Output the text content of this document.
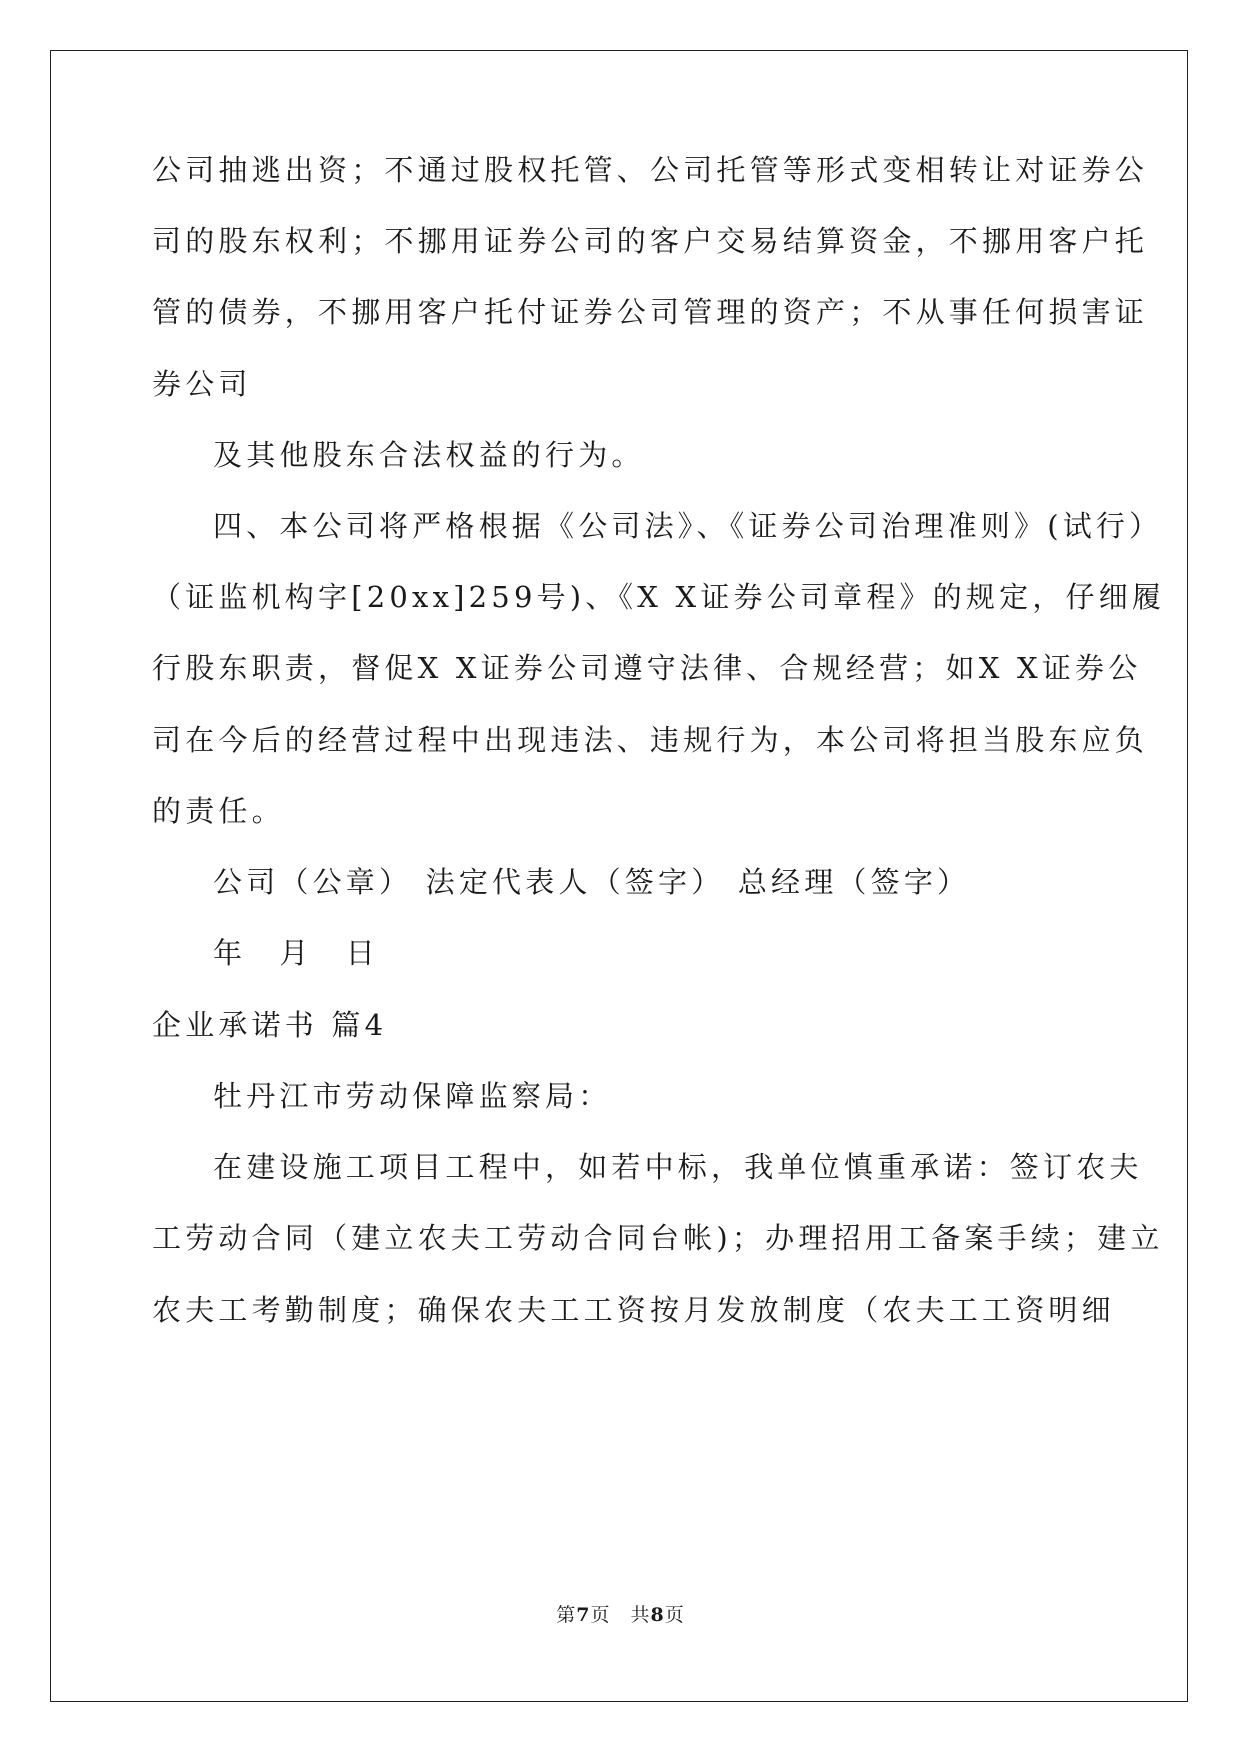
公司抽逃出资；不通过股权托管、公司托管等形式变相转让对证券公
司的股东权利；不挪用证券公司的客户交易结算资金，不挪用客户托
管的债券，不挪用客户托付证券公司管理的资产；不从事任何损害证
券公司
及其他股东合法权益的行为。
四、本公司将严格根据《公司法》、《证券公司治理准则》(试行）
（证监机构字[20xx]259号)、《X X证券公司章程》的规定，仔细履
行股东职责，督促X X证券公司遵守法律、合规经营；如X X证券公
司在今后的经营过程中出现违法、违规行为，本公司将担当股东应负
的责任。
公司（公章） 法定代表人（签字） 总经理（签字）
年　月　日
企业承诺书 篇4
牡丹江市劳动保障监察局：
在建设施工项目工程中，如若中标，我单位慎重承诺：签订农夫
工劳动合同（建立农夫工劳动合同台帐)；办理招用工备案手续；建立
农夫工考勤制度；确保农夫工工资按月发放制度（农夫工工资明细
第7页　共8页
